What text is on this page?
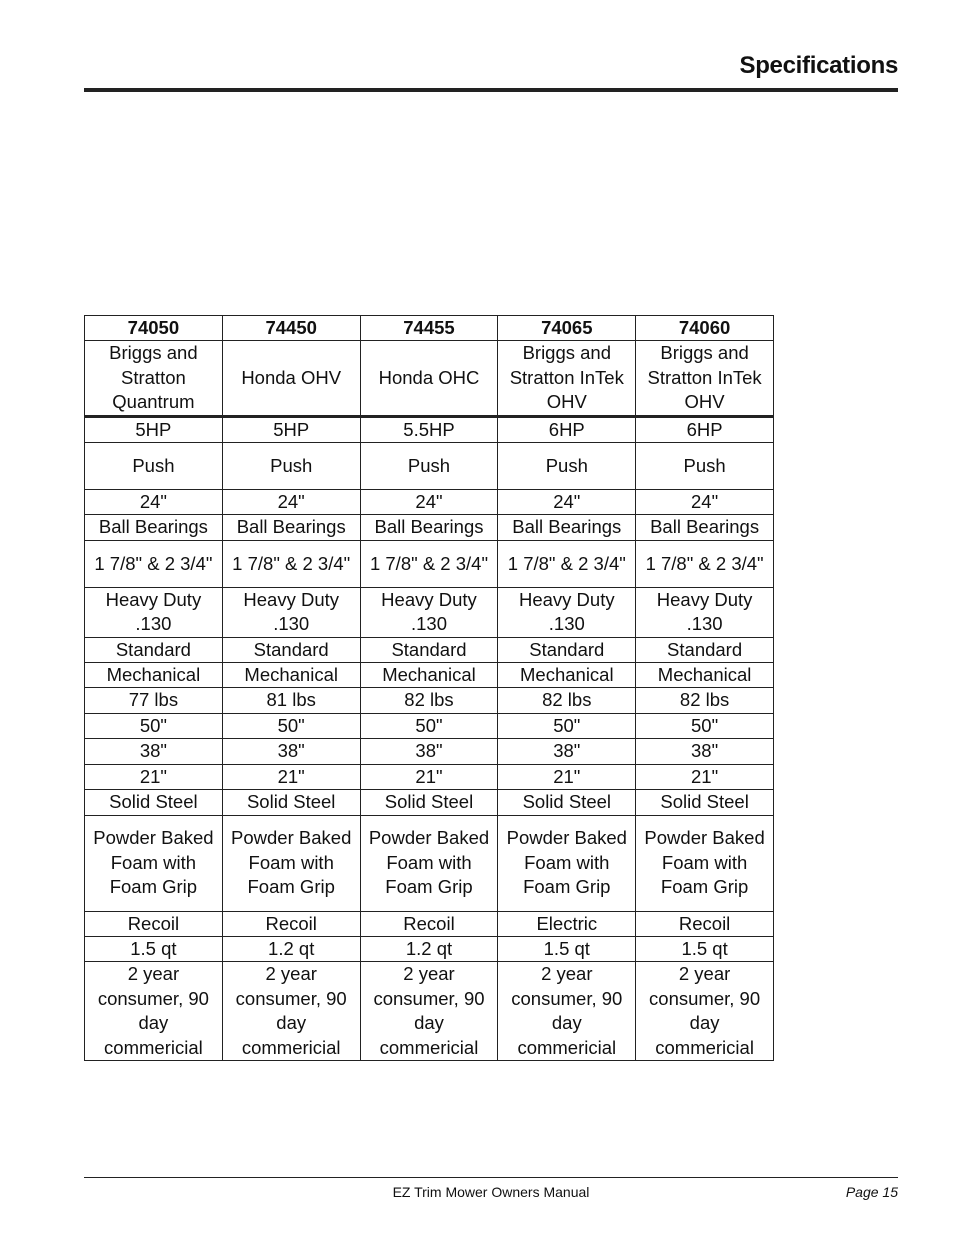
Specifications
74050	74450	74455	74065	74060
Briggs and Stratton Quantrum	Honda OHV	Honda OHC	Briggs and Stratton InTek OHV	Briggs and Stratton InTek OHV
5HP	5HP	5.5HP	6HP	6HP
Push	Push	Push	Push	Push
24"	24"	24"	24"	24"
Ball Bearings	Ball Bearings	Ball Bearings	Ball Bearings	Ball Bearings
1 7/8" & 2 3/4"	1 7/8" & 2 3/4"	1 7/8" & 2 3/4"	1 7/8" & 2 3/4"	1 7/8" & 2 3/4"
Heavy Duty .130	Heavy Duty .130	Heavy Duty .130	Heavy Duty .130	Heavy Duty .130
Standard	Standard	Standard	Standard	Standard
Mechanical	Mechanical	Mechanical	Mechanical	Mechanical
77 lbs	81 lbs	82 lbs	82 lbs	82 lbs
50"	50"	50"	50"	50"
38"	38"	38"	38"	38"
21"	21"	21"	21"	21"
Solid Steel	Solid Steel	Solid Steel	Solid Steel	Solid Steel
Powder Baked Foam with Foam Grip	Powder Baked Foam with Foam Grip	Powder Baked Foam with Foam Grip	Powder Baked Foam with Foam Grip	Powder Baked Foam with Foam Grip
Recoil	Recoil	Recoil	Electric	Recoil
1.5 qt	1.2 qt	1.2 qt	1.5 qt	1.5 qt
2 year consumer, 90 day commericial	2 year consumer, 90 day commericial	2 year consumer, 90 day commericial	2 year consumer, 90 day commericial	2 year consumer, 90 day commericial
EZ Trim Mower Owners Manual	Page 15
